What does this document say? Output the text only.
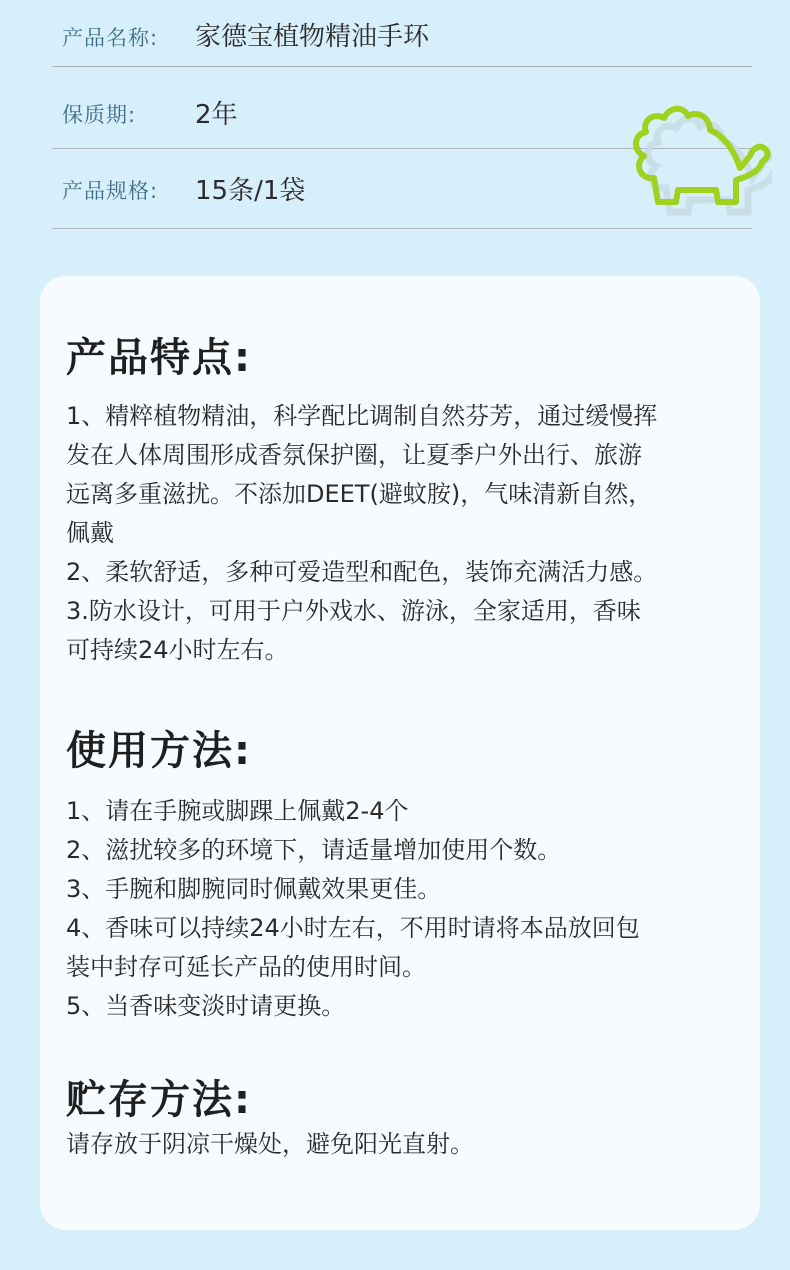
产品名称: 家德宝植物精油手环
保质期: 2年
产品规格: 15条/1袋
产品特点:
1、精粹植物精油，科学配比调制自然芬芳，通过缓慢挥
发在人体周围形成香氛保护圈，让夏季户外出行、旅游
远离多重滋扰。不添加DEET(避蚊胺)，气味清新自然，
佩戴
2、柔软舒适，多种可爱造型和配色，装饰充满活力感。
3.防水设计，可用于户外戏水、游泳，全家适用，香味
可持续24小时左右。
使用方法:
1、请在手腕或脚踝上佩戴2-4个
2、滋扰较多的环境下，请适量增加使用个数。
3、手腕和脚腕同时佩戴效果更佳。
4、香味可以持续24小时左右，不用时请将本品放回包
装中封存可延长产品的使用时间。
5、当香味变淡时请更换。
贮存方法:
请存放于阴凉干燥处，避免阳光直射。
